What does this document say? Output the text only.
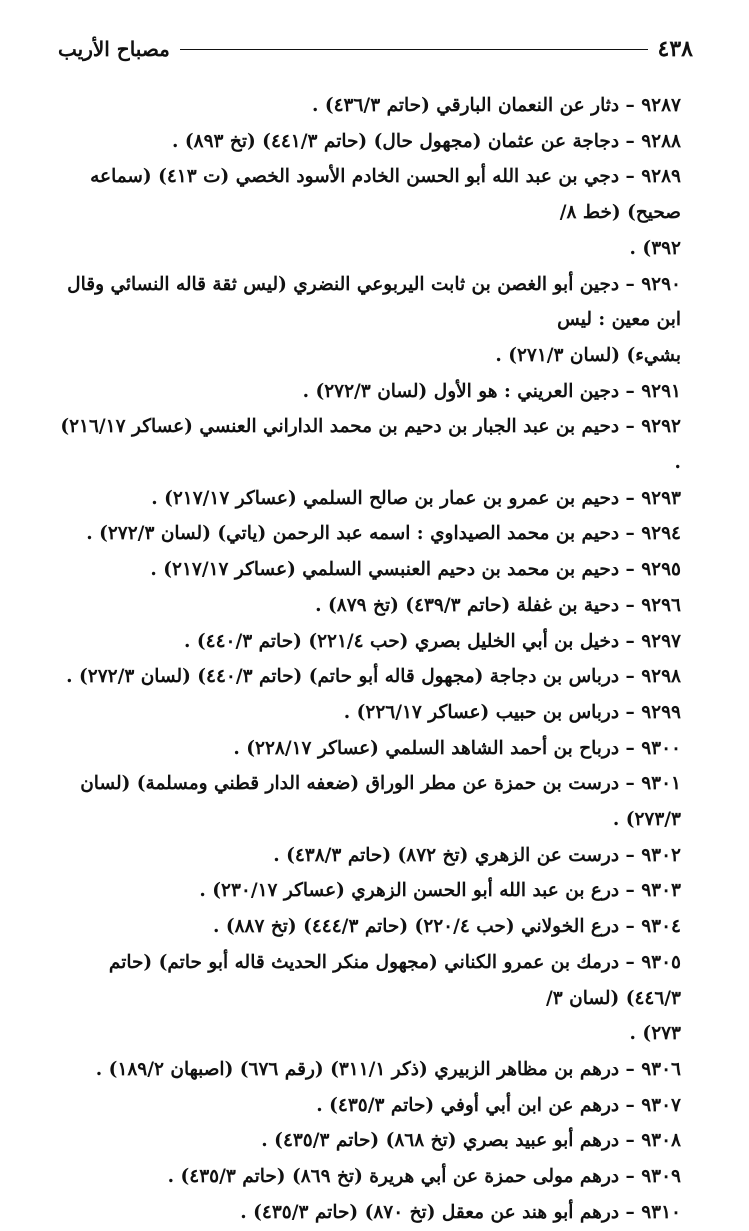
٤٣٨
مصباح الأريب
٩٢٨٧ – دثار عن النعمان البارقي (حاتم ٤٣٦/٣) .
٩٢٨٨ – دجاجة عن عثمان (مجهول حال) (حاتم ٤٤١/٣) (تخ ٨٩٣) .
٩٢٨٩ – دجي بن عبد الله أبو الحسن الخادم الأسود الخصي (ت ٤١٣) (سماعه صحيح) (خط ٨/
٣٩٢) .
٩٢٩٠ – دجين أبو الغصن بن ثابت اليربوعي النضري (ليس ثقة قاله النسائي وقال ابن معين : ليس
بشيء) (لسان ٢٧١/٣) .
٩٢٩١ – دجين العريني : هو الأول (لسان ٢٧٢/٣) .
٩٢٩٢ – دحيم بن عبد الجبار بن دحيم بن محمد الداراني العنسي (عساكر ٢١٦/١٧) .
٩٢٩٣ – دحيم بن عمرو بن عمار بن صالح السلمي (عساكر ٢١٧/١٧) .
٩٢٩٤ – دحيم بن محمد الصيداوي : اسمه عبد الرحمن (ياتي) (لسان ٢٧٢/٣) .
٩٢٩٥ – دحيم بن محمد بن دحيم العنبسي السلمي (عساكر ٢١٧/١٧) .
٩٢٩٦ – دحية بن غفلة (حاتم ٤٣٩/٣) (تخ ٨٧٩) .
٩٢٩٧ – دخيل بن أبي الخليل بصري (حب ٢٢١/٤) (حاتم ٤٤٠/٣) .
٩٢٩٨ – درباس بن دجاجة (مجهول قاله أبو حاتم) (حاتم ٤٤٠/٣) (لسان ٢٧٢/٣) .
٩٢٩٩ – درباس بن حبيب (عساكر ٢٢٦/١٧) .
٩٣٠٠ – درباح بن أحمد الشاهد السلمي (عساكر ٢٢٨/١٧) .
٩٣٠١ – درست بن حمزة عن مطر الوراق (ضعفه الدار قطني ومسلمة) (لسان ٢٧٣/٣) .
٩٣٠٢ – درست عن الزهري (تخ ٨٧٢) (حاتم ٤٣٨/٣) .
٩٣٠٣ – درع بن عبد الله أبو الحسن الزهري (عساكر ٢٣٠/١٧) .
٩٣٠٤ – درع الخولاني (حب ٢٢٠/٤) (حاتم ٤٤٤/٣) (تخ ٨٨٧) .
٩٣٠٥ – درمك بن عمرو الكناني (مجهول منكر الحديث قاله أبو حاتم) (حاتم ٤٤٦/٣) (لسان ٣/
٢٧٣) .
٩٣٠٦ – درهم بن مظاهر الزبيري (ذكر ٣١١/١) (رقم ٦٧٦) (اصبهان ١٨٩/٢) .
٩٣٠٧ – درهم عن ابن أبي أوفي (حاتم ٤٣٥/٣) .
٩٣٠٨ – درهم أبو عبيد بصري (تخ ٨٦٨) (حاتم ٤٣٥/٣) .
٩٣٠٩ – درهم مولى حمزة عن أبي هريرة (تخ ٨٦٩) (حاتم ٤٣٥/٣) .
٩٣١٠ – درهم أبو هند عن معقل (تخ ٨٧٠) (حاتم ٤٣٥/٣) .
